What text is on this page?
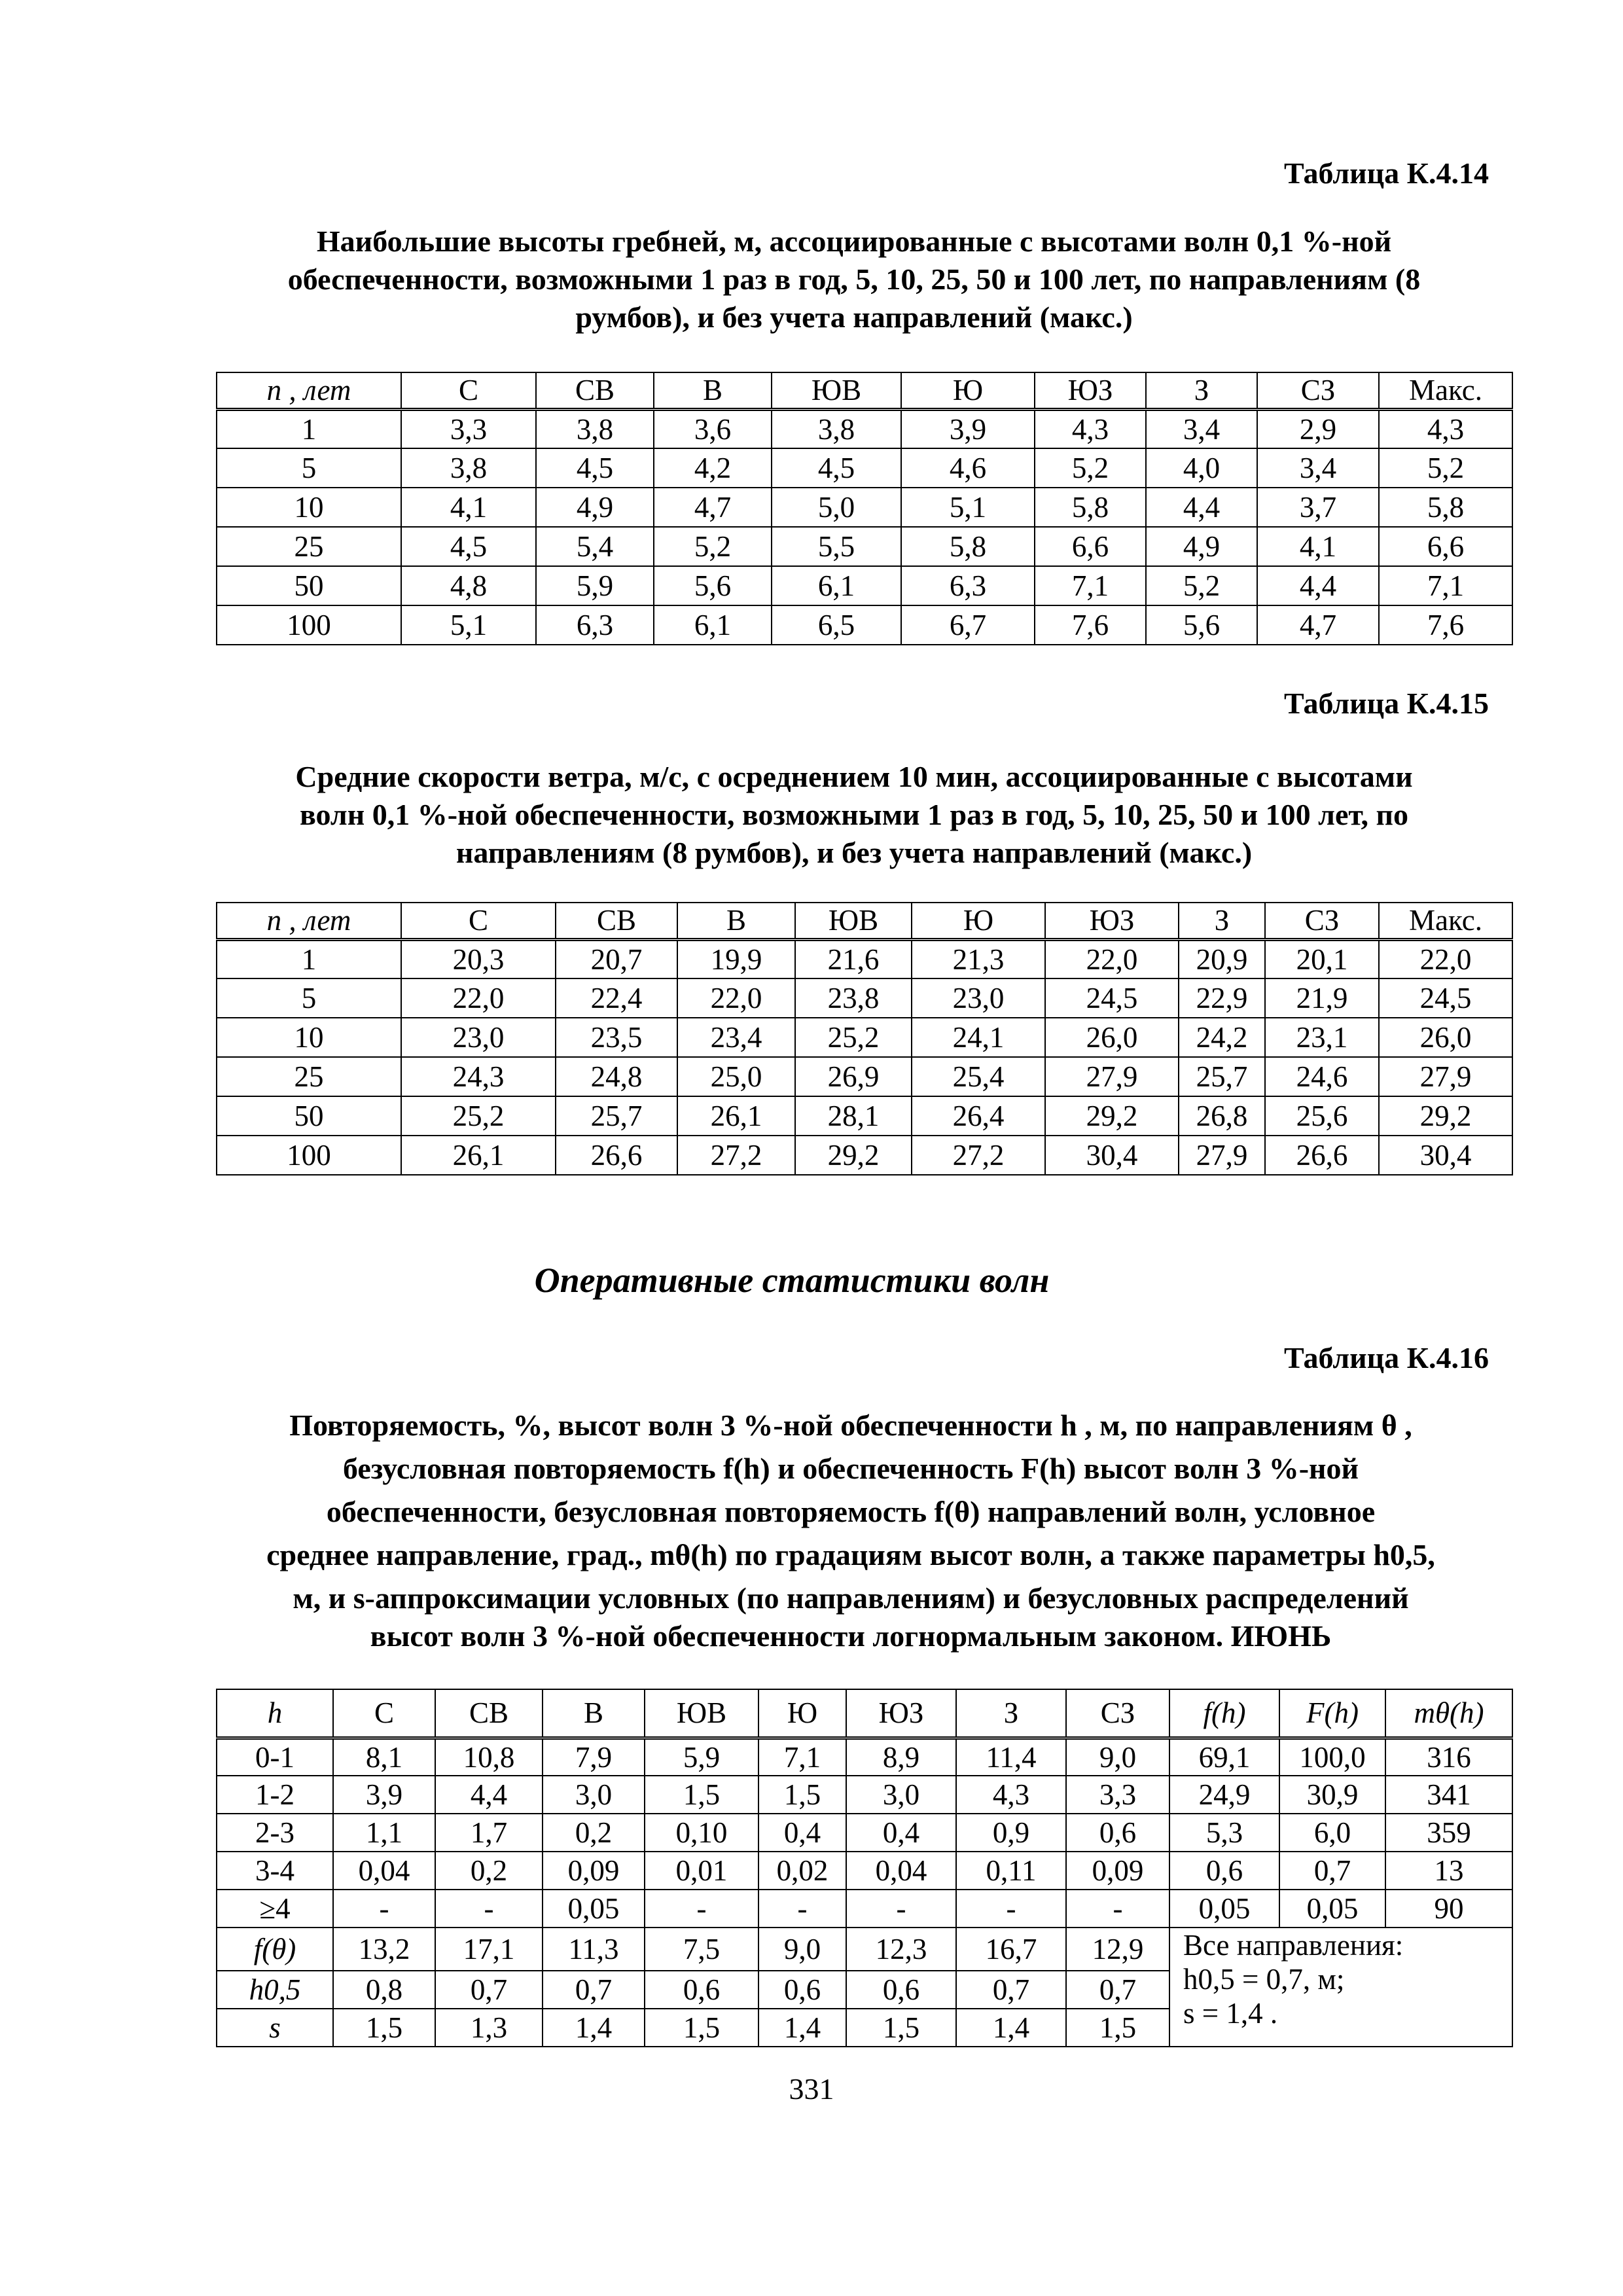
Таблица К.4.14

Наибольшие высоты гребней, м, ассоциированные с высотами волн 0,1 %-ной
обеспеченности, возможными 1 раз в год, 5, 10, 25, 50 и 100 лет, по направлениям (8
румбов), и без учета направлений (макс.)
n , лет	С	СВ	В	ЮВ	Ю	ЮЗ	З	СЗ	Макс.
1	3,3	3,8	3,6	3,8	3,9	4,3	3,4	2,9	4,3
5	3,8	4,5	4,2	4,5	4,6	5,2	4,0	3,4	5,2
10	4,1	4,9	4,7	5,0	5,1	5,8	4,4	3,7	5,8
25	4,5	5,4	5,2	5,5	5,8	6,6	4,9	4,1	6,6
50	4,8	5,9	5,6	6,1	6,3	7,1	5,2	4,4	7,1
100	5,1	6,3	6,1	6,5	6,7	7,6	5,6	4,7	7,6

Таблица К.4.15

Средние скорости ветра, м/с, с осреднением 10 мин, ассоциированные с высотами
волн 0,1 %-ной обеспеченности, возможными 1 раз в год, 5, 10, 25, 50 и 100 лет, по
направлениям (8 румбов), и без учета направлений (макс.)
n , лет	С	СВ	В	ЮВ	Ю	ЮЗ	З	СЗ	Макс.
1	20,3	20,7	19,9	21,6	21,3	22,0	20,9	20,1	22,0
5	22,0	22,4	22,0	23,8	23,0	24,5	22,9	21,9	24,5
10	23,0	23,5	23,4	25,2	24,1	26,0	24,2	23,1	26,0
25	24,3	24,8	25,0	26,9	25,4	27,9	25,7	24,6	27,9
50	25,2	25,7	26,1	28,1	26,4	29,2	26,8	25,6	29,2
100	26,1	26,6	27,2	29,2	27,2	30,4	27,9	26,6	30,4

Оперативные статистики волн

Таблица К.4.16

Повторяемость, %, высот волн 3 %-ной обеспеченности h , м, по направлениям θ ,
безусловная повторяемость f(h) и обеспеченность F(h) высот волн 3 %-ной
обеспеченности, безусловная повторяемость f(θ) направлений волн, условное
среднее направление, град., mθ(h) по градациям высот волн, а также параметры h0,5,
м, и s-аппроксимации условных (по направлениям) и безусловных распределений
высот волн 3 %-ной обеспеченности логнормальным законом. ИЮНЬ
h	С	СВ	В	ЮВ	Ю	ЮЗ	З	СЗ	f(h)	F(h)	mθ(h)
0-1	8,1	10,8	7,9	5,9	7,1	8,9	11,4	9,0	69,1	100,0	316
1-2	3,9	4,4	3,0	1,5	1,5	3,0	4,3	3,3	24,9	30,9	341
2-3	1,1	1,7	0,2	0,10	0,4	0,4	0,9	0,6	5,3	6,0	359
3-4	0,04	0,2	0,09	0,01	0,02	0,04	0,11	0,09	0,6	0,7	13
≥4	-	-	0,05	-	-	-	-	-	0,05	0,05	90
f(θ)	13,2	17,1	11,3	7,5	9,0	12,3	16,7	12,9	Все направления:
h0,5 = 0,7, м;
s = 1,4 .		

h0,5	0,8	0,7	0,7	0,6	0,6	0,6	0,7	0,7			
s	1,5	1,3	1,4	1,5	1,4	1,5	1,4	1,5			

331
